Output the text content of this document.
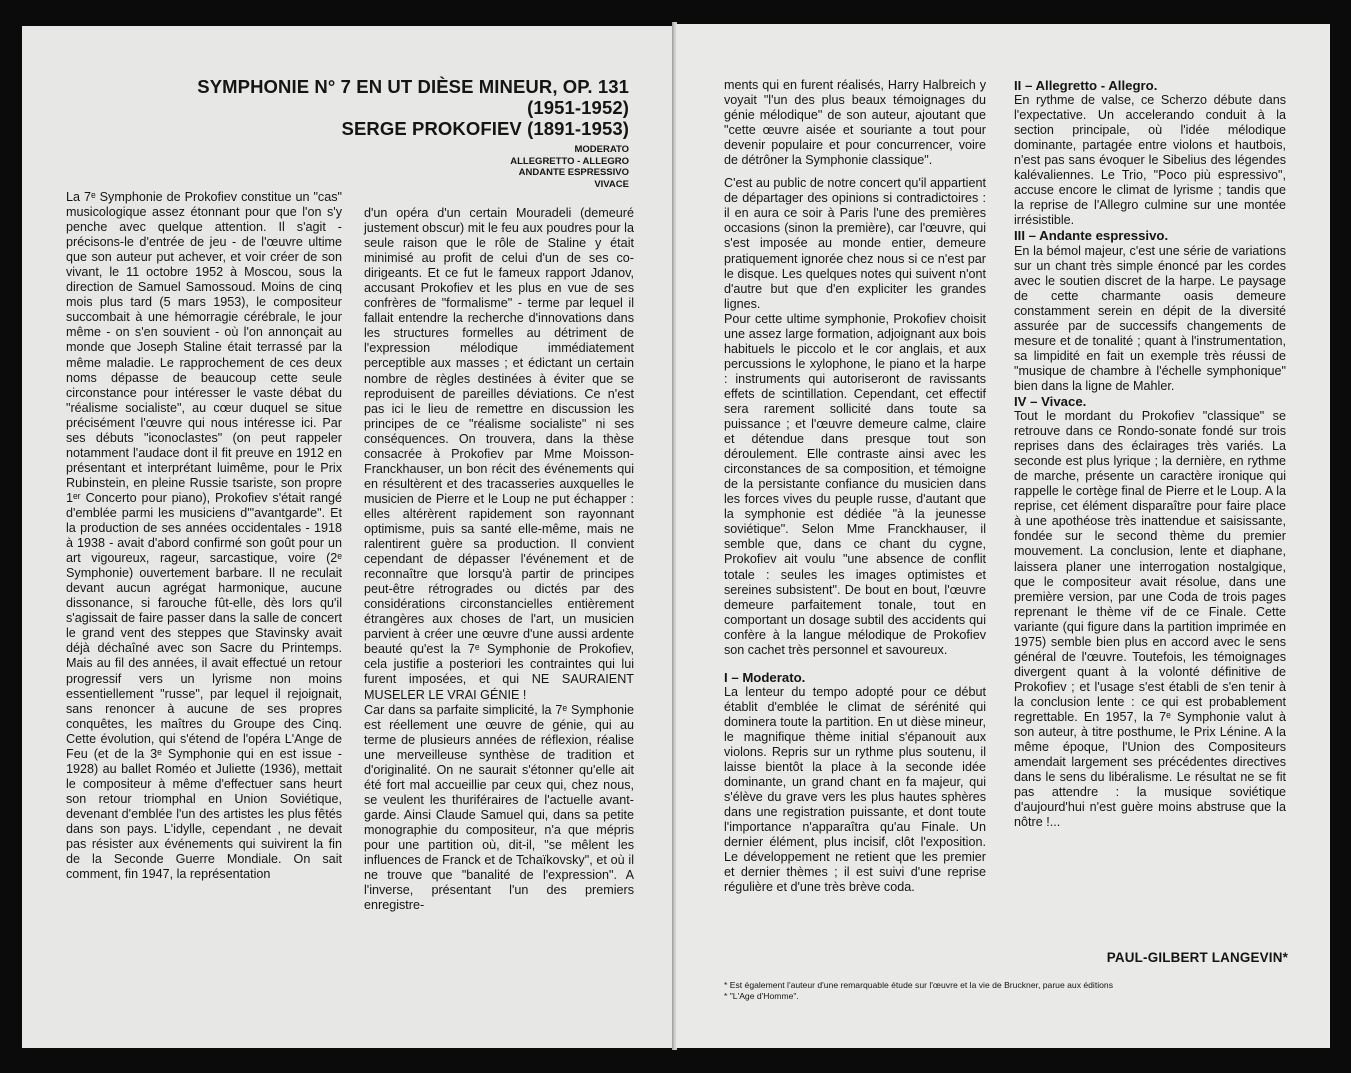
SYMPHONIE N° 7 EN UT DIÈSE MINEUR, OP. 131
(1951-1952)
SERGE PROKOFIEV (1891-1953)
MODERATO
ALLEGRETTO - ALLEGRO
ANDANTE ESPRESSIVO
VIVACE

La 7ᵉ Symphonie de Prokofiev constitue un "cas" musicologique assez étonnant pour que l'on s'y penche avec quelque attention. Il s'agit - précisons-le d'entrée de jeu - de l'œuvre ultime que son auteur put achever, et voir créer de son vivant, le 11 octobre 1952 à Moscou, sous la direction de Samuel Samossoud. Moins de cinq mois plus tard (5 mars 1953), le compositeur succombait à une hémorragie cérébrale, le jour même - on s'en souvient - où l'on annonçait au monde que Joseph Staline était terrassé par la même maladie. Le rapprochement de ces deux noms dépasse de beaucoup cette seule circonstance pour intéresser le vaste débat du "réalisme socialiste", au cœur duquel se situe précisément l'œuvre qui nous intéresse ici. Par ses débuts "iconoclastes" (on peut rappeler notamment l'audace dont il fit preuve en 1912 en présentant et interprétant luimême, pour le Prix Rubinstein, en pleine Russie tsariste, son propre 1ᵉʳ Concerto pour piano), Prokofiev s'était rangé d'emblée parmi les musiciens d'"avantgarde". Et la production de ses années occidentales - 1918 à 1938 - avait d'abord confirmé son goût pour un art vigoureux, rageur, sarcastique, voire (2ᵉ Symphonie) ouvertement barbare. Il ne reculait devant aucun agrégat harmonique, aucune dissonance, si farouche fût-elle, dès lors qu'il s'agissait de faire passer dans la salle de concert le grand vent des steppes que Stavinsky avait déjà déchaîné avec son Sacre du Printemps. Mais au fil des années, il avait effectué un retour progressif vers un lyrisme non moins essentiellement "russe", par lequel il rejoignait, sans renoncer à aucune de ses propres conquêtes, les maîtres du Groupe des Cinq. Cette évolution, qui s'étend de l'opéra L'Ange de Feu (et de la 3ᵉ Symphonie qui en est issue - 1928) au ballet Roméo et Juliette (1936), mettait le compositeur à même d'effectuer sans heurt son retour triomphal en Union Soviétique, devenant d'emblée l'un des artistes les plus fêtés dans son pays. L'idylle, cependant , ne devait pas résister aux événements qui suivirent la fin de la Seconde Guerre Mondiale. On sait comment, fin 1947, la représentation

d'un opéra d'un certain Mouradeli (demeuré justement obscur) mit le feu aux poudres pour la seule raison que le rôle de Staline y était minimisé au profit de celui d'un de ses co-dirigeants. Et ce fut le fameux rapport Jdanov, accusant Prokofiev et les plus en vue de ses confrères de "formalisme" - terme par lequel il fallait entendre la recherche d'innovations dans les structures formelles au détriment de l'expression mélodique immédiatement perceptible aux masses ; et édictant un certain nombre de règles destinées à éviter que se reproduisent de pareilles déviations. Ce n'est pas ici le lieu de remettre en discussion les principes de ce "réalisme socialiste" ni ses conséquences. On trouvera, dans la thèse consacrée à Prokofiev par Mme Moisson-Franckhauser, un bon récit des événements qui en résultèrent et des tracasseries auxquelles le musicien de Pierre et le Loup ne put échapper : elles altérèrent rapidement son rayonnant optimisme, puis sa santé elle-même, mais ne ralentirent guère sa production. Il convient cependant de dépasser l'événement et de reconnaître que lorsqu'à partir de principes peut-être rétrogrades ou dictés par des considérations circonstancielles entièrement étrangères aux choses de l'art, un musicien parvient à créer une œuvre d'une aussi ardente beauté qu'est la 7ᵉ Symphonie de Prokofiev, cela justifie a posteriori les contraintes qui lui furent imposées, et qui NE SAURAIENT MUSELER LE VRAI GÉNIE !

Car dans sa parfaite simplicité, la 7ᵉ Symphonie est réellement une œuvre de génie, qui au terme de plusieurs années de réflexion, réalise une merveilleuse synthèse de tradition et d'originalité. On ne saurait s'étonner qu'elle ait été fort mal accueillie par ceux qui, chez nous, se veulent les thuriféraires de l'actuelle avant-garde. Ainsi Claude Samuel qui, dans sa petite monographie du compositeur, n'a que mépris pour une partition où, dit-il, "se mêlent les influences de Franck et de Tchaïkovsky", et où il ne trouve que "banalité de l'expression". A l'inverse, présentant l'un des premiers enregistre-

ments qui en furent réalisés, Harry Halbreich y voyait "l'un des plus beaux témoignages du génie mélodique" de son auteur, ajoutant que "cette œuvre aisée et souriante a tout pour devenir populaire et pour concurrencer, voire de détrôner la Symphonie classique".

C'est au public de notre concert qu'il appartient de départager des opinions si contradictoires : il en aura ce soir à Paris l'une des premières occasions (sinon la première), car l'œuvre, qui s'est imposée au monde entier, demeure pratiquement ignorée chez nous si ce n'est par le disque. Les quelques notes qui suivent n'ont d'autre but que d'en expliciter les grandes lignes.

Pour cette ultime symphonie, Prokofiev choisit une assez large formation, adjoignant aux bois habituels le piccolo et le cor anglais, et aux percussions le xylophone, le piano et la harpe : instruments qui autoriseront de ravissants effets de scintillation. Cependant, cet effectif sera rarement sollicité dans toute sa puissance ; et l'œuvre demeure calme, claire et détendue dans presque tout son déroulement. Elle contraste ainsi avec les circonstances de sa composition, et témoigne de la persistante confiance du musicien dans les forces vives du peuple russe, d'autant que la symphonie est dédiée "à la jeunesse soviétique". Selon Mme Franckhauser, il semble que, dans ce chant du cygne, Prokofiev ait voulu "une absence de conflit totale : seules les images optimistes et sereines subsistent". De bout en bout, l'œuvre demeure parfaitement tonale, tout en comportant un dosage subtil des accidents qui confère à la langue mélodique de Prokofiev son cachet très personnel et savoureux.

I – Moderato.

La lenteur du tempo adopté pour ce début établit d'emblée le climat de sérénité qui dominera toute la partition. En ut dièse mineur, le magnifique thème initial s'épanouit aux violons. Repris sur un rythme plus soutenu, il laisse bientôt la place à la seconde idée dominante, un grand chant en fa majeur, qui s'élève du grave vers les plus hautes sphères dans une registration puissante, et dont toute l'importance n'apparaîtra qu'au Finale. Un dernier élément, plus incisif, clôt l'exposition. Le développement ne retient que les premier et dernier thèmes ; il est suivi d'une reprise régulière et d'une très brève coda.

II – Allegretto - Allegro.

En rythme de valse, ce Scherzo débute dans l'expectative. Un accelerando conduit à la section principale, où l'idée mélodique dominante, partagée entre violons et hautbois, n'est pas sans évoquer le Sibelius des légendes kalévaliennes. Le Trio, "Poco più espressivo", accuse encore le climat de lyrisme ; tandis que la reprise de l'Allegro culmine sur une montée irrésistible.

III – Andante espressivo.

En la bémol majeur, c'est une série de variations sur un chant très simple énoncé par les cordes avec le soutien discret de la harpe. Le paysage de cette charmante oasis demeure constamment serein en dépit de la diversité assurée par de successifs changements de mesure et de tonalité ; quant à l'instrumentation, sa limpidité en fait un exemple très réussi de "musique de chambre à l'échelle symphonique" bien dans la ligne de Mahler.

IV – Vivace.

Tout le mordant du Prokofiev "classique" se retrouve dans ce Rondo-sonate fondé sur trois reprises dans des éclairages très variés. La seconde est plus lyrique ; la dernière, en rythme de marche, présente un caractère ironique qui rappelle le cortège final de Pierre et le Loup. A la reprise, cet élément disparaître pour faire place à une apothéose très inattendue et saisissante, fondée sur le second thème du premier mouvement. La conclusion, lente et diaphane, laissera planer une interrogation nostalgique, que le compositeur avait résolue, dans une première version, par une Coda de trois pages reprenant le thème vif de ce Finale. Cette variante (qui figure dans la partition imprimée en 1975) semble bien plus en accord avec le sens général de l'œuvre. Toutefois, les témoignages divergent quant à la volonté définitive de Prokofiev ; et l'usage s'est établi de s'en tenir à la conclusion lente : ce qui est probablement regrettable. En 1957, la 7ᵉ Symphonie valut à son auteur, à titre posthume, le Prix Lénine. A la même époque, l'Union des Compositeurs amendait largement ses précédentes directives dans le sens du libéralisme. Le résultat ne se fit pas attendre : la musique soviétique d'aujourd'hui n'est guère moins abstruse que la nôtre !...

PAUL-GILBERT LANGEVIN*

* Est également l'auteur d'une remarquable étude sur l'œuvre et la vie de Bruckner, parue aux éditions

* "L'Age d'Homme".
